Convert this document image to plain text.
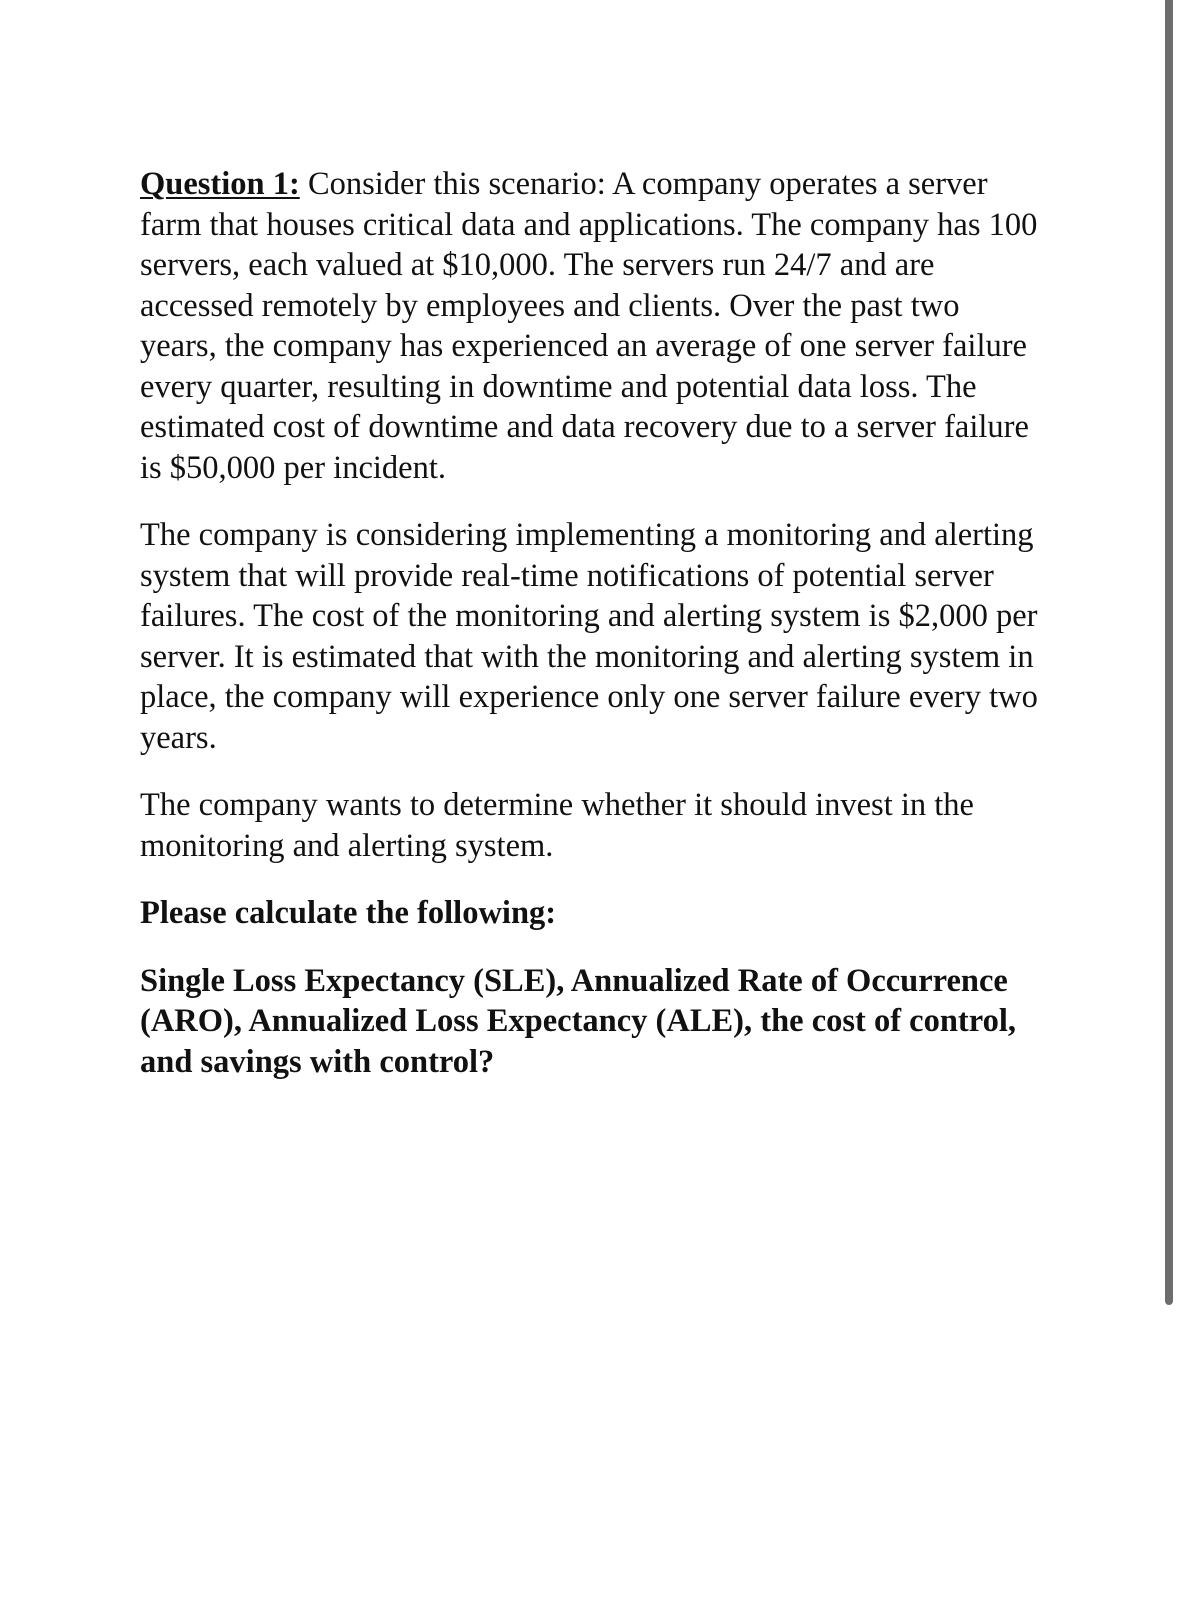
Question 1: Consider this scenario: A company operates a server farm that houses critical data and applications. The company has 100 servers, each valued at $10,000. The servers run 24/7 and are accessed remotely by employees and clients. Over the past two years, the company has experienced an average of one server failure every quarter, resulting in downtime and potential data loss. The estimated cost of downtime and data recovery due to a server failure is $50,000 per incident.

The company is considering implementing a monitoring and alerting system that will provide real-time notifications of potential server failures. The cost of the monitoring and alerting system is $2,000 per server. It is estimated that with the monitoring and alerting system in place, the company will experience only one server failure every two years.

The company wants to determine whether it should invest in the monitoring and alerting system.

Please calculate the following:

Single Loss Expectancy (SLE), Annualized Rate of Occurrence (ARO), Annualized Loss Expectancy (ALE), the cost of control, and savings with control?
